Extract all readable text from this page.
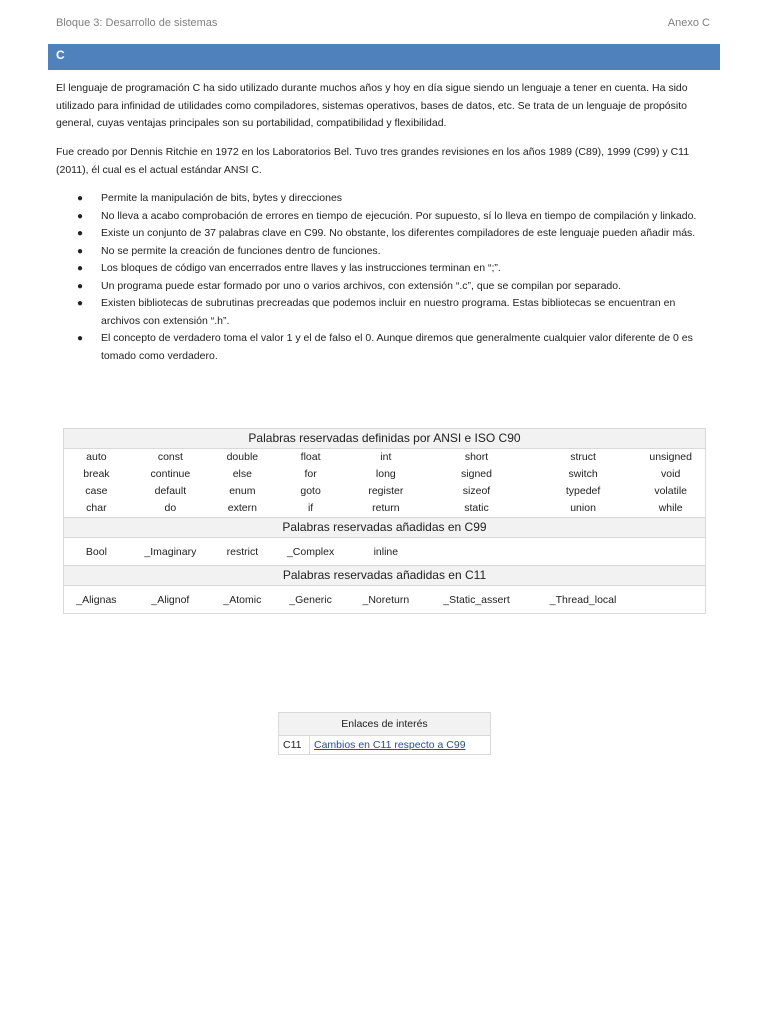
Bloque 3: Desarrollo de sistemas	Anexo C
C
El lenguaje de programación C ha sido utilizado durante muchos años y hoy en día sigue siendo un lenguaje a tener en cuenta. Ha sido utilizado para infinidad de utilidades como compiladores, sistemas operativos, bases de datos, etc. Se trata de un lenguaje de propósito general, cuyas ventajas principales son su portabilidad, compatibilidad y flexibilidad.
Fue creado por Dennis Ritchie en 1972 en los Laboratorios Bel. Tuvo tres grandes revisiones en los años 1989 (C89), 1999 (C99) y C11 (2011), él cual es el actual estándar ANSI C.
● Permite la manipulación de bits, bytes y direcciones
● No lleva a acabo comprobación de errores en tiempo de ejecución. Por supuesto, sí lo lleva en tiempo de compilación y linkado.
● Existe un conjunto de 37 palabras clave en C99. No obstante, los diferentes compiladores de este lenguaje pueden añadir más.
● No se permite la creación de funciones dentro de funciones.
● Los bloques de código van encerrados entre llaves y las instrucciones terminan en “;”.
● Un programa puede estar formado por uno o varios archivos, con extensión “.c”, que se compilan por separado.
● Existen bibliotecas de subrutinas precreadas que podemos incluir en nuestro programa. Estas bibliotecas se encuentran en archivos con extensión “.h”.
● El concepto de verdadero toma el valor 1 y el de falso el 0. Aunque diremos que generalmente cualquier valor diferente de 0 es tomado como verdadero.
Palabras reservadas definidas por ANSI e ISO C90							
auto	const	double	float	int	short	struct	unsigned
break	continue	else	for	long	signed	switch	void
case	default	enum	goto	register	sizeof	typedef	volatile
char	do	extern	if	return	static	union	while
Palabras reservadas añadidas en C99							
Bool	_Imaginary	restrict	_Complex	inline			
Palabras reservadas añadidas en C11							
_Alignas	_Alignof	_Atomic	_Generic	_Noreturn	_Static_assert	_Thread_local	
Enlaces de interés
C11	Cambios en C11 respecto a C99
